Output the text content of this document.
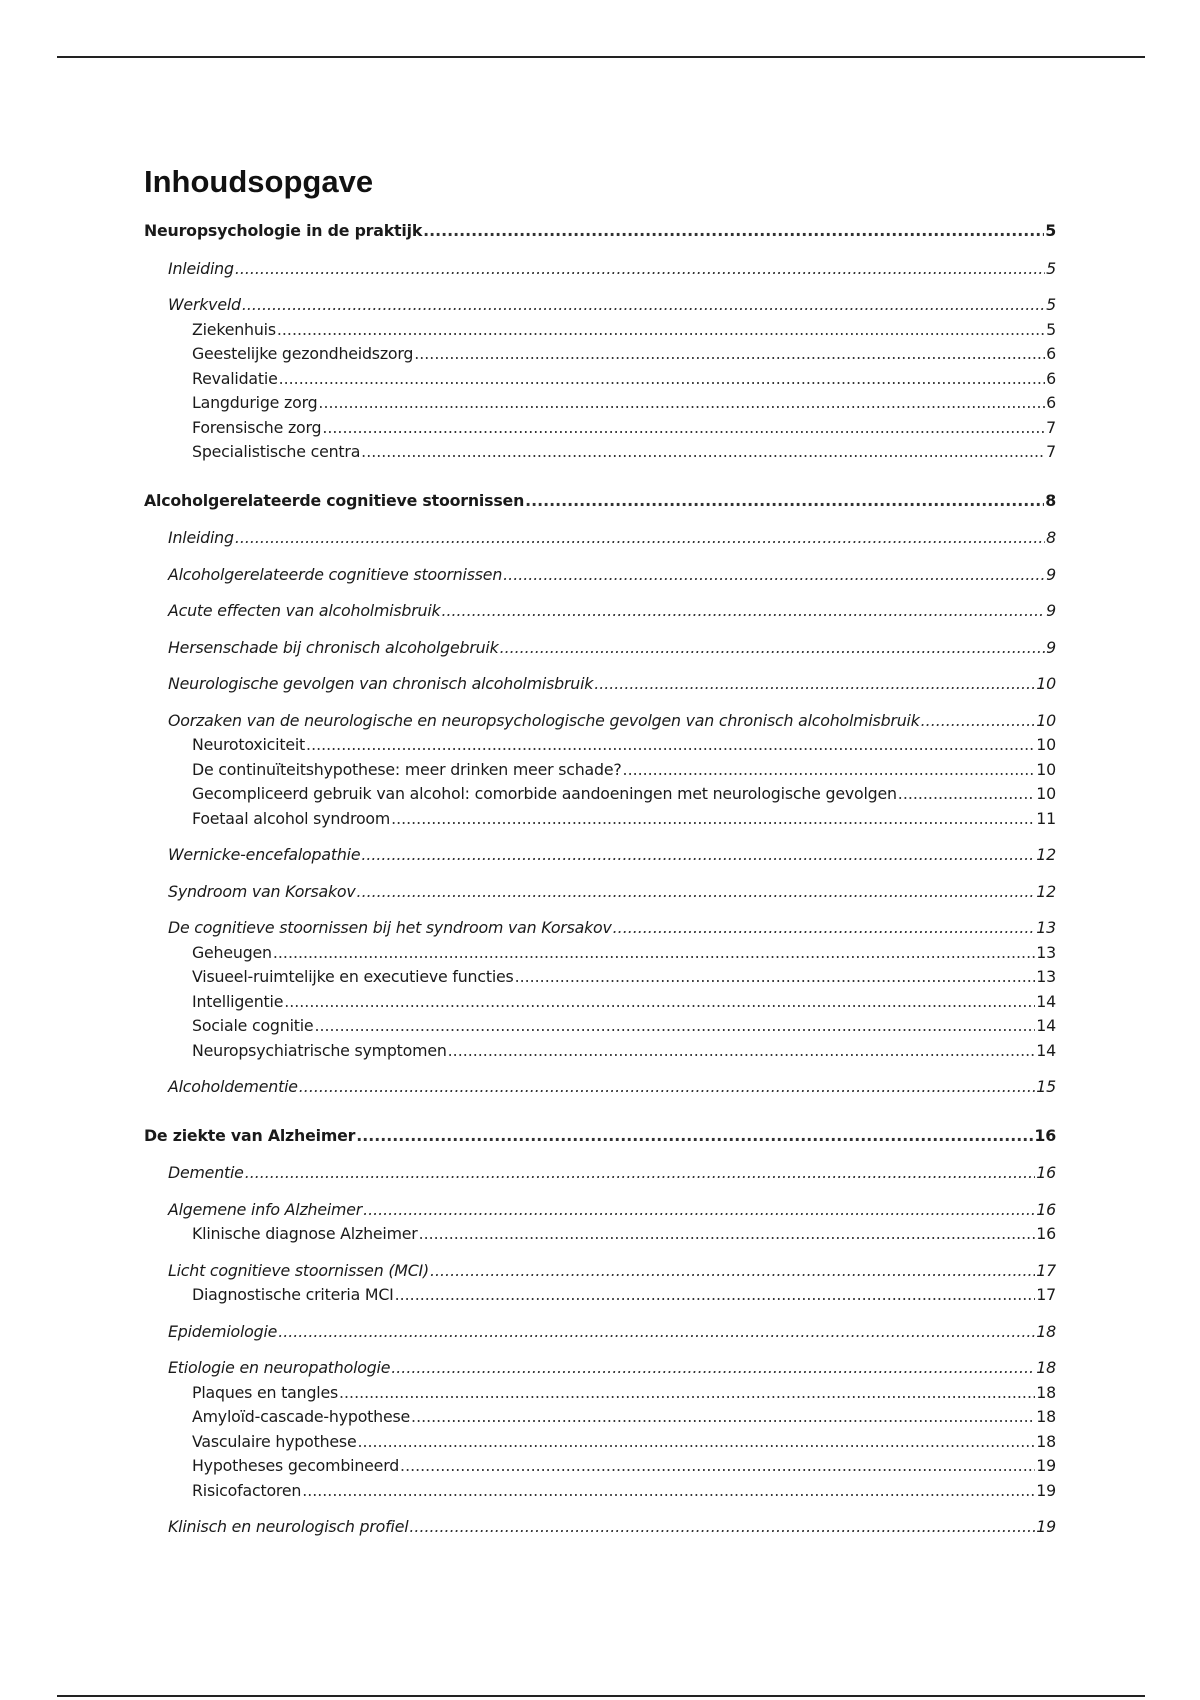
Inhoudsopgave
Neuropsychologie in de praktijk .....	5
Inleiding .....	5
Werkveld .....	5
Ziekenhuis .....	5
Geestelijke gezondheidszorg .....	6
Revalidatie .....	6
Langdurige zorg .....	6
Forensische zorg .....	7
Specialistische centra .....	7
Alcoholgerelateerde cognitieve stoornissen .....	8
Inleiding .....	8
Alcoholgerelateerde cognitieve stoornissen .....	9
Acute effecten van alcoholmisbruik .....	9
Hersenschade bij chronisch alcoholgebruik .....	9
Neurologische gevolgen van chronisch alcoholmisbruik .....	10
Oorzaken van de neurologische en neuropsychologische gevolgen van chronisch alcoholmisbruik .....	10
Neurotoxiciteit .....	10
De continuïteitshypothese: meer drinken meer schade? .....	10
Gecompliceerd gebruik van alcohol: comorbide aandoeningen met neurologische gevolgen .....	10
Foetaal alcohol syndroom .....	11
Wernicke-encefalopathie .....	12
Syndroom van Korsakov .....	12
De cognitieve stoornissen bij het syndroom van Korsakov .....	13
Geheugen .....	13
Visueel-ruimtelijke en executieve functies .....	13
Intelligentie .....	14
Sociale cognitie .....	14
Neuropsychiatrische symptomen .....	14
Alcoholdementie .....	15
De ziekte van Alzheimer .....	16
Dementie .....	16
Algemene info Alzheimer .....	16
Klinische diagnose Alzheimer .....	16
Licht cognitieve stoornissen (MCI) .....	17
Diagnostische criteria MCI .....	17
Epidemiologie .....	18
Etiologie en neuropathologie .....	18
Plaques en tangles .....	18
Amyloïd-cascade-hypothese .....	18
Vasculaire hypothese .....	18
Hypotheses gecombineerd .....	19
Risicofactoren .....	19
Klinisch en neurologisch profiel .....	19
